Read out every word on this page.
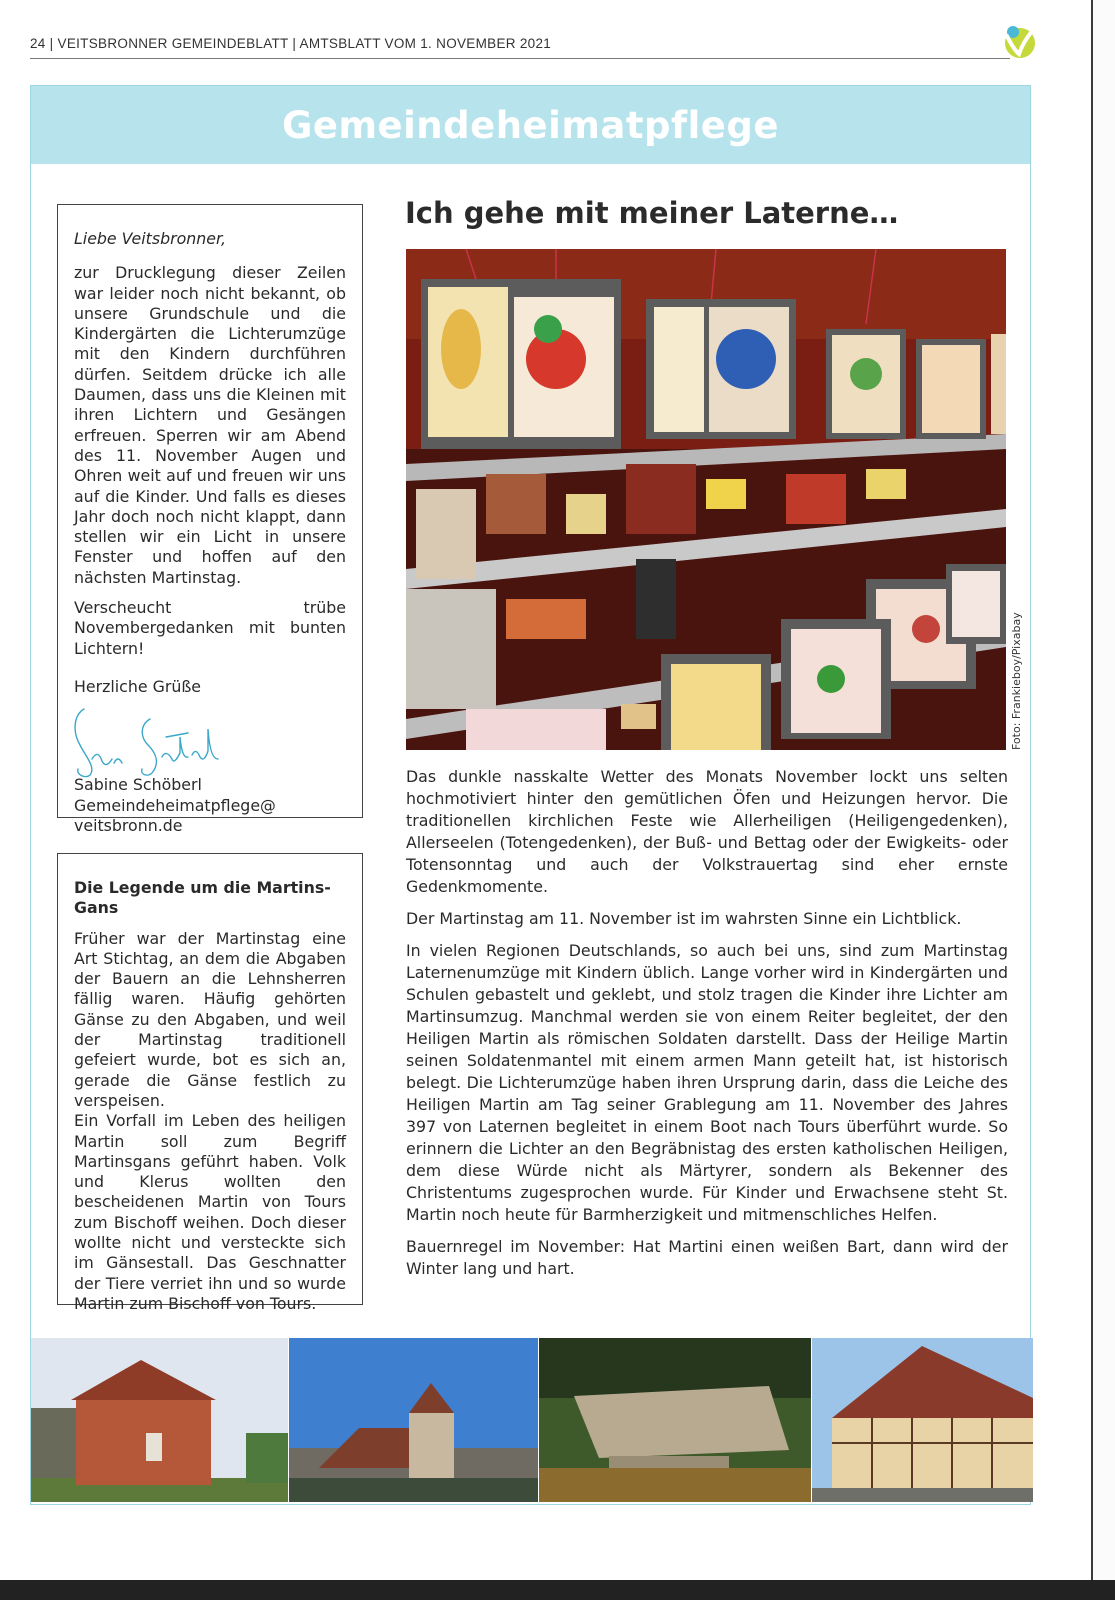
24 | VEITSBRONNER GEMEINDEBLATT | AMTSBLATT VOM 1. NOVEMBER 2021
Gemeindeheimatpflege

Liebe Veitsbronner,

zur Drucklegung dieser Zeilen war leider noch nicht bekannt, ob unsere Grundschule und die Kindergärten die Lichterumzüge mit den Kindern durchführen dürfen. Seitdem drücke ich alle Daumen, dass uns die Kleinen mit ihren Lichtern und Gesängen erfreuen. Sperren wir am Abend des 11. November Augen und Ohren weit auf und freuen wir uns auf die Kinder. Und falls es dieses Jahr doch noch nicht klappt, dann stellen wir ein Licht in unsere Fenster und hoffen auf den nächsten Martinstag.

Verscheucht trübe Novembergedanken mit bunten Lichtern!

Herzliche Grüße

Sabine Schöberl

Gemeindeheimatpflege@

veitsbronn.de

Die Legende um die Martins-Gans

Früher war der Martinstag eine Art Stichtag, an dem die Abgaben der Bauern an die Lehnsherren fällig waren. Häufig gehörten Gänse zu den Abgaben, und weil der Martinstag traditionell gefeiert wurde, bot es sich an, gerade die Gänse festlich zu verspeisen.

Ein Vorfall im Leben des heiligen Martin soll zum Begriff Martinsgans geführt haben. Volk und Klerus wollten den bescheidenen Martin von Tours zum Bischoff weihen. Doch dieser wollte nicht und versteckte sich im Gänsestall. Das Geschnatter der Tiere verriet ihn und so wurde Martin zum Bischoff von Tours.

Ich gehe mit meiner Laterne…
Foto: Frankieboy/Pixabay

Das dunkle nasskalte Wetter des Monats November lockt uns selten hochmotiviert hinter den gemütlichen Öfen und Heizungen hervor. Die traditionellen kirchlichen Feste wie Allerheiligen (Heiligengedenken), Allerseelen (Totengedenken), der Buß- und Bettag oder der Ewigkeits- oder Totensonntag und auch der Volkstrauertag sind eher ernste Gedenkmomente.

Der Martinstag am 11. November ist im wahrsten Sinne ein Lichtblick.

In vielen Regionen Deutschlands, so auch bei uns, sind zum Martinstag Laternenumzüge mit Kindern üblich. Lange vorher wird in Kindergärten und Schulen gebastelt und geklebt, und stolz tragen die Kinder ihre Lichter am Martinsumzug. Manchmal werden sie von einem Reiter begleitet, der den Heiligen Martin als römischen Soldaten darstellt. Dass der Heilige Martin seinen Soldatenmantel mit einem armen Mann geteilt hat, ist historisch belegt. Die Lichterumzüge haben ihren Ursprung darin, dass die Leiche des Heiligen Martin am Tag seiner Grablegung am 11. November des Jahres 397 von Laternen begleitet in einem Boot nach Tours überführt wurde. So erinnern die Lichter an den Begräbnistag des ersten katholischen Heiligen, dem diese Würde nicht als Märtyrer, sondern als Bekenner des Christentums zugesprochen wurde. Für Kinder und Erwachsene steht St. Martin noch heute für Barmherzigkeit und mitmenschliches Helfen.

Bauernregel im November: Hat Martini einen weißen Bart, dann wird der Winter lang und hart.
